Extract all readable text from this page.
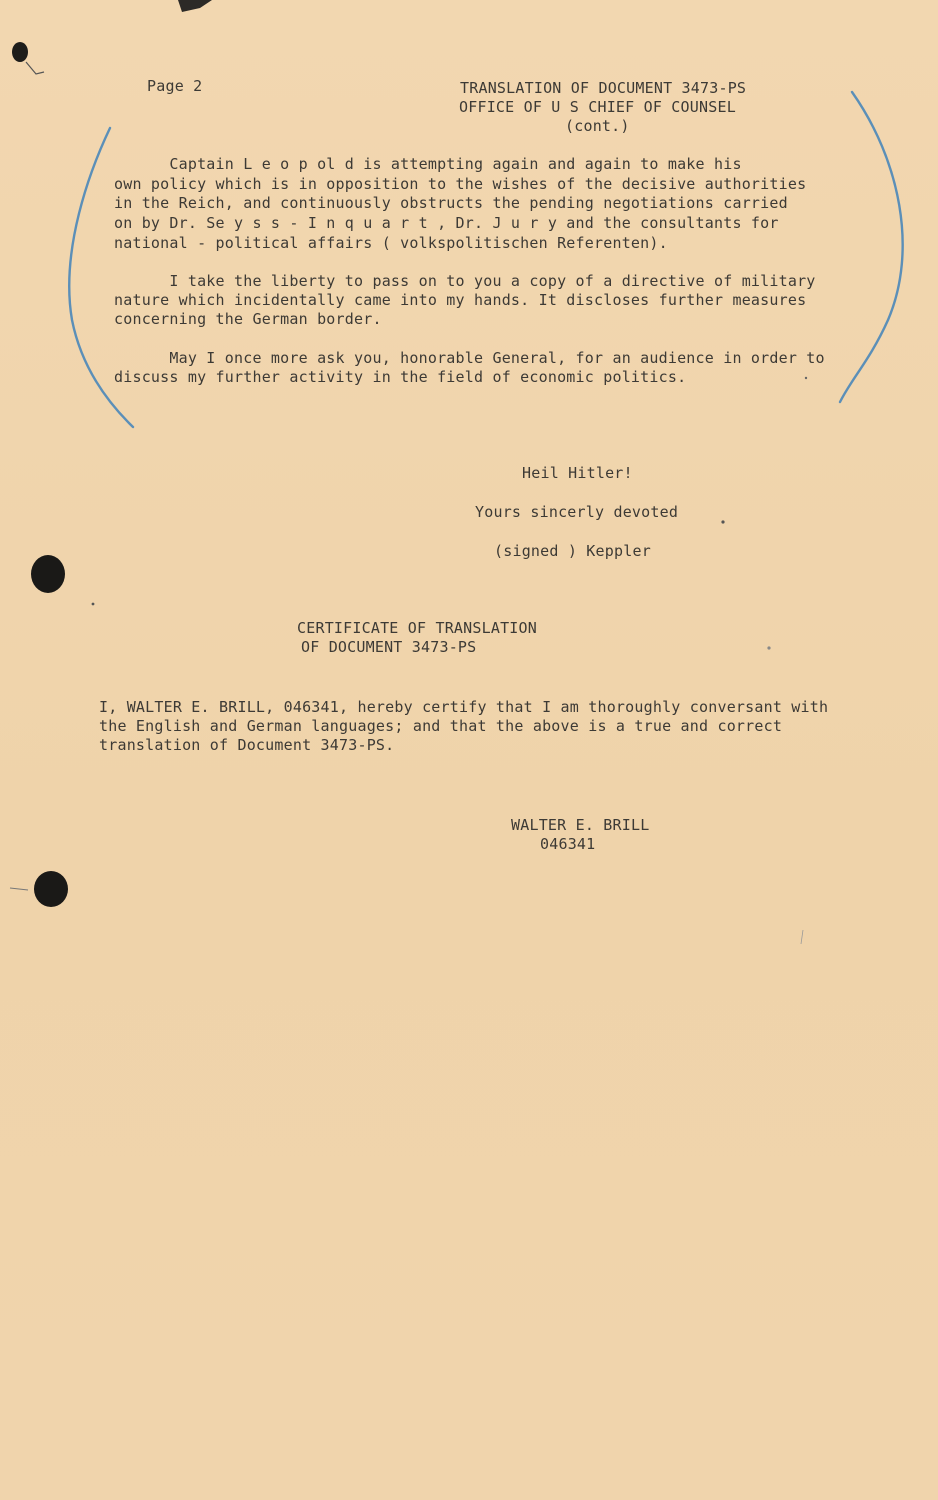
Page 2	TRANSLATION OF DOCUMENT 3473-PS
OFFICE OF U S CHIEF OF COUNSEL
(cont.)
Captain L e o p ol d is attempting again and again to make his
own policy which is in opposition to the wishes of the decisive authorities
in the Reich, and continuously obstructs the pending negotiations carried
on by Dr. Se y s s - I n q u a r t , Dr. J u r y and the consultants for
national - political affairs ( volkspolitischen Referenten).
I take the liberty to pass on to you a copy of a directive of military
nature which incidentally came into my hands. It discloses further measures
concerning the German border.
May I once more ask you, honorable General, for an audience in order to
discuss my further activity in the field of economic politics.
Heil Hitler!
Yours sincerly devoted
(signed ) Keppler
CERTIFICATE OF TRANSLATION
OF DOCUMENT 3473-PS
I, WALTER E. BRILL, 046341, hereby certify that I am thoroughly conversant with
the English and German languages; and that the above is a true and correct
translation of Document 3473-PS.
WALTER E. BRILL
046341
